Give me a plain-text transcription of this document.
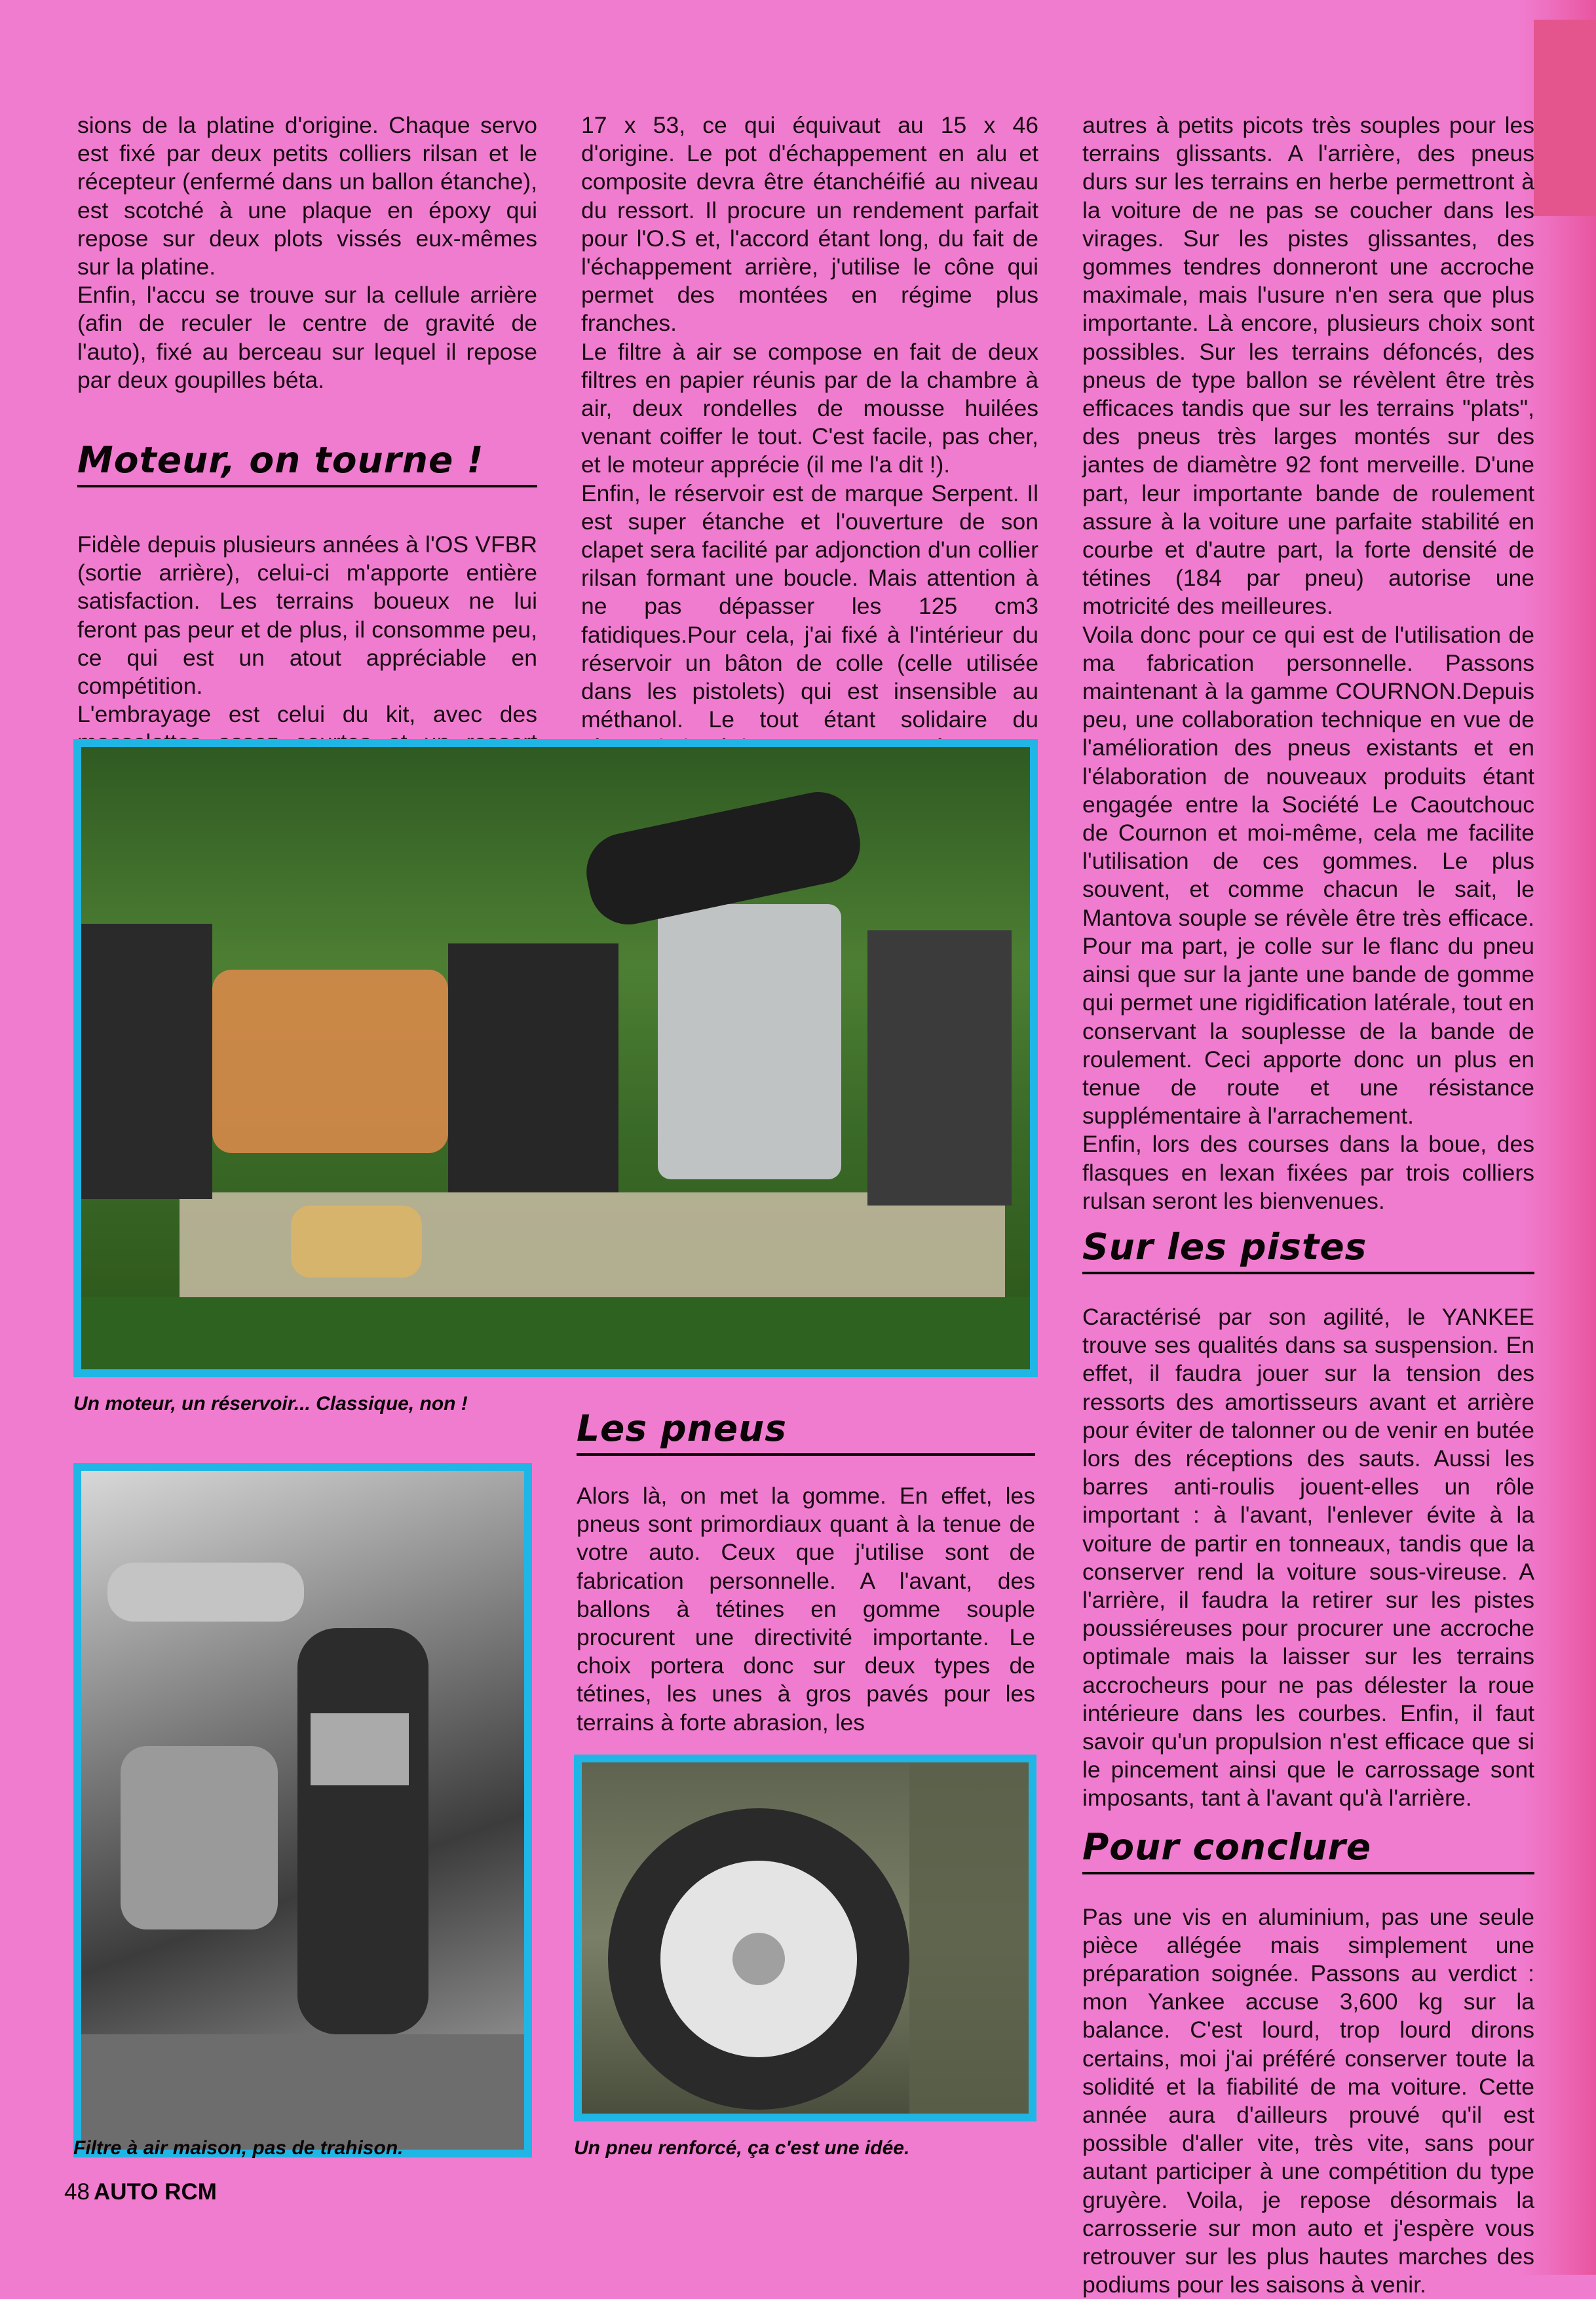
sions de la platine d'origine. Chaque servo est fixé par deux petits colliers rilsan et le récepteur (enfermé dans un ballon étanche), est scotché à une plaque en époxy qui repose sur deux plots vissés eux-mêmes sur la platine.

Enfin, l'accu se trouve sur la cellule arrière (afin de reculer le centre de gravité de l'auto), fixé au berceau sur lequel il repose par deux goupilles béta.

Moteur, on tourne !

Fidèle depuis plusieurs années à l'OS VFBR (sortie arrière), celui-ci m'apporte entière satisfaction. Les terrains boueux ne lui feront pas peur et de plus, il consomme peu, ce qui est un atout appréciable en compétition.

L'embrayage est celui du kit, avec des

17 x 53, ce qui équivaut au 15 x 46 d'origine. Le pot d'échappement en alu et composite devra être étanchéifié au niveau du ressort. Il procure un rendement parfait pour l'O.S et, l'accord étant long, du fait de l'échappement arrière, j'utilise le cône qui permet des montées en régime plus franches.

Le filtre à air se compose en fait de deux filtres en papier réunis par de la chambre à air, deux rondelles de mousse huilées venant coiffer le tout. C'est facile, pas cher, et le moteur apprécie (il me l'a dit !).

Enfin, le réservoir est de marque Serpent. Il est super étanche et l'ouverture de son clapet sera facilité par adjonction d'un collier rilsan formant une boucle. Mais attention à ne pas dépasser les 125 cm3 fatidiques.Pour cela, j'ai fixé à l'intérieur du réservoir un bâton de colle (celle utilisée dans les pistolets) qui est insensible au méthanol. Le tout étant solidaire du

Les pneus

Alors là, on met la gomme. En effet, les pneus sont primordiaux quant à la tenue de votre auto. Ceux que j'utilise sont de fabrication personnelle. A l'avant, des ballons à tétines en gomme souple procurent une directivité importante. Le choix portera donc sur deux types de tétines, les unes à gros pavés pour les terrains à forte abrasion, les

autres à petits picots très souples pour les terrains glissants. A l'arrière, des pneus durs sur les terrains en herbe permettront à la voiture de ne pas se coucher dans les virages. Sur les pistes glissantes, des gommes tendres donneront une accroche maximale, mais l'usure n'en sera que plus importante. Là encore, plusieurs choix sont possibles. Sur les terrains défoncés, des pneus de type ballon se révèlent être très efficaces tandis que sur les terrains "plats", des pneus très larges montés sur des jantes de diamètre 92 font merveille. D'une part, leur importante bande de roulement assure à la voiture une parfaite stabilité en courbe et d'autre part, la forte densité de tétines (184 par pneu) autorise une motricité des meilleures.

Voila donc pour ce qui est de l'utilisation de ma fabrication personnelle. Passons maintenant à la gamme COURNON.Depuis peu, une collaboration technique en vue de l'amélioration des pneus existants et en l'élaboration de nouveaux produits étant engagée entre la Société Le Caoutchouc de Cournon et moi-même, cela me facilite l'utilisation de ces gommes. Le plus souvent, et comme chacun le sait, le Mantova souple se révèle être très efficace. Pour ma part, je colle sur le flanc du pneu ainsi que sur la jante une bande de gomme qui permet une rigidification latérale, tout en conservant la souplesse de la bande de roulement. Ceci apporte donc un plus en tenue de route et une résistance supplémentaire à l'arrachement.

Enfin, lors des courses dans la boue, des flasques en lexan fixées par trois colliers rulsan seront les bienvenues.

Sur les pistes

Caractérisé par son agilité, le YANKEE trouve ses qualités dans sa suspension. En effet, il faudra jouer sur la tension des ressorts des amortisseurs avant et arrière pour éviter de talonner ou de venir en butée lors des réceptions des sauts. Aussi les barres anti-roulis jouent-elles un rôle important : à l'avant, l'enlever évite à la voiture de partir en tonneaux, tandis que la conserver rend la voiture sous-vireuse. A l'arrière, il faudra la retirer sur les pistes poussiéreuses pour procurer une accroche optimale mais la laisser sur les terrains accrocheurs pour ne pas délester la roue intérieure dans les courbes. Enfin, il faut savoir qu'un propulsion n'est efficace que si le pincement ainsi que le carrossage sont imposants, tant à l'avant qu'à l'arrière.

Pour conclure

Pas une vis en aluminium, pas une seule pièce allégée mais simplement une préparation soignée. Passons au verdict : mon Yankee accuse 3,600 kg sur la balance. C'est lourd, trop lourd dirons certains, moi j'ai préféré conserver toute la solidité et la fiabilité de ma voiture. Cette année aura d'ailleurs prouvé qu'il est possible d'aller vite, très vite, sans pour autant participer à une compétition du type gruyère. Voila, je repose désormais la carrosserie sur mon auto et j'espère vous retrouver sur les plus hautes marches des podiums pour les saisons à venir.

Un moteur, un réservoir... Classique, non !
Filtre à air maison, pas de trahison.	Un pneu renforcé, ça c'est une idée.
48 AUTO RCM
